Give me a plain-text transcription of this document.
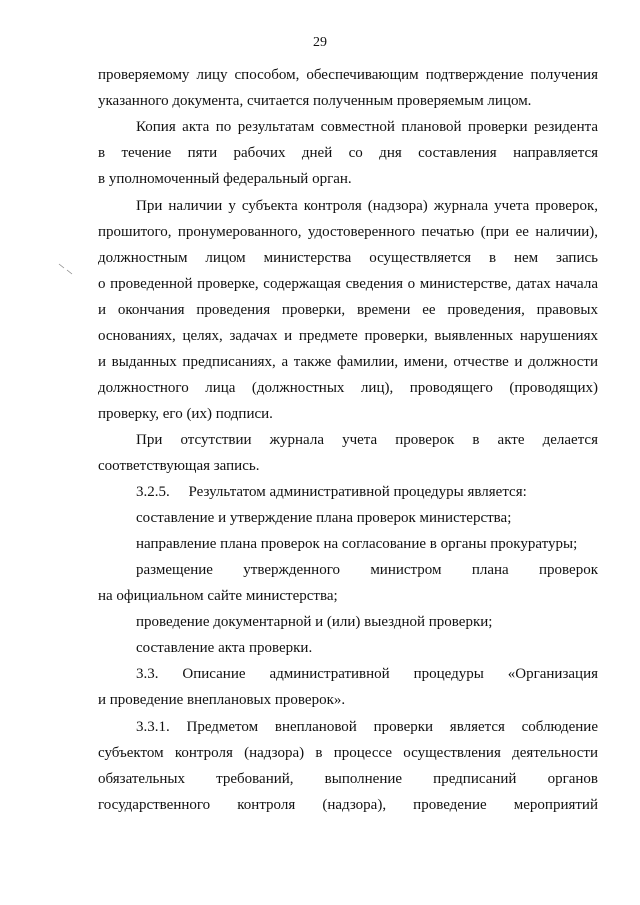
29
проверяемому лицу способом, обеспечивающим подтверждение получения
указанного документа, считается полученным проверяемым лицом.
Копия акта по результатам совместной плановой проверки резидента
в течение пяти рабочих дней со дня составления направляется
в уполномоченный федеральный орган.
При наличии у субъекта контроля (надзора) журнала учета проверок,
прошитого, пронумерованного, удостоверенного печатью (при ее наличии),
должностным лицом министерства осуществляется в нем запись
о проведенной проверке, содержащая сведения о министерстве, датах начала
и окончания проведения проверки, времени ее проведения, правовых
основаниях, целях, задачах и предмете проверки, выявленных нарушениях
и выданных предписаниях, а также фамилии, имени, отчестве и должности
должностного лица (должностных лиц), проводящего (проводящих)
проверку, его (их) подписи.
При отсутствии журнала учета проверок в акте делается
соответствующая запись.
3.2.5.     Результатом административной процедуры является:
составление и утверждение плана проверок министерства;
направление плана проверок на согласование в органы прокуратуры;
размещение утвержденного министром плана проверок
на официальном сайте министерства;
проведение документарной и (или) выездной проверки;
составление акта проверки.
3.3. Описание административной процедуры «Организация
и проведение внеплановых проверок».
3.3.1. Предметом внеплановой проверки является соблюдение
субъектом контроля (надзора) в процессе осуществления деятельности
обязательных требований, выполнение предписаний органов
государственного контроля (надзора), проведение мероприятий
